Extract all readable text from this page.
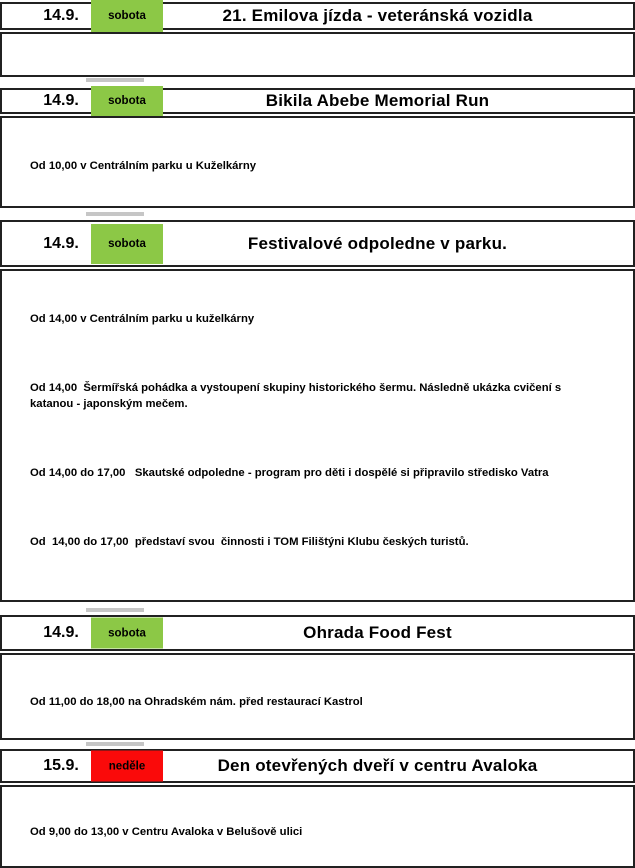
14.9.	sobota	21. Emilova jízda - veteránská vozidla

14.9.	sobota	Bikila Abebe Memorial Run

Od 10,00 v Centrálním parku u Kuželkárny

14.9.	sobota	Festivalové odpoledne v parku.

Od 14,00 v Centrálním parku u kuželkárny

Od 14,00  Šermířská pohádka a vystoupení skupiny historického šermu. Následně ukázka cvičení s
katanou - japonským mečem.

Od 14,00 do 17,00   Skautské odpoledne - program pro děti i dospělé si připravilo středisko Vatra

Od  14,00 do 17,00  představí svou  činnosti i TOM Filištýni Klubu českých turistů.

14.9.	sobota	Ohrada Food Fest

Od 11,00 do 18,00 na Ohradském nám. před restaurací Kastrol

15.9.	neděle	Den otevřených dveří v centru Avaloka

Od 9,00 do 13,00 v Centru Avaloka v Belušově ulici
